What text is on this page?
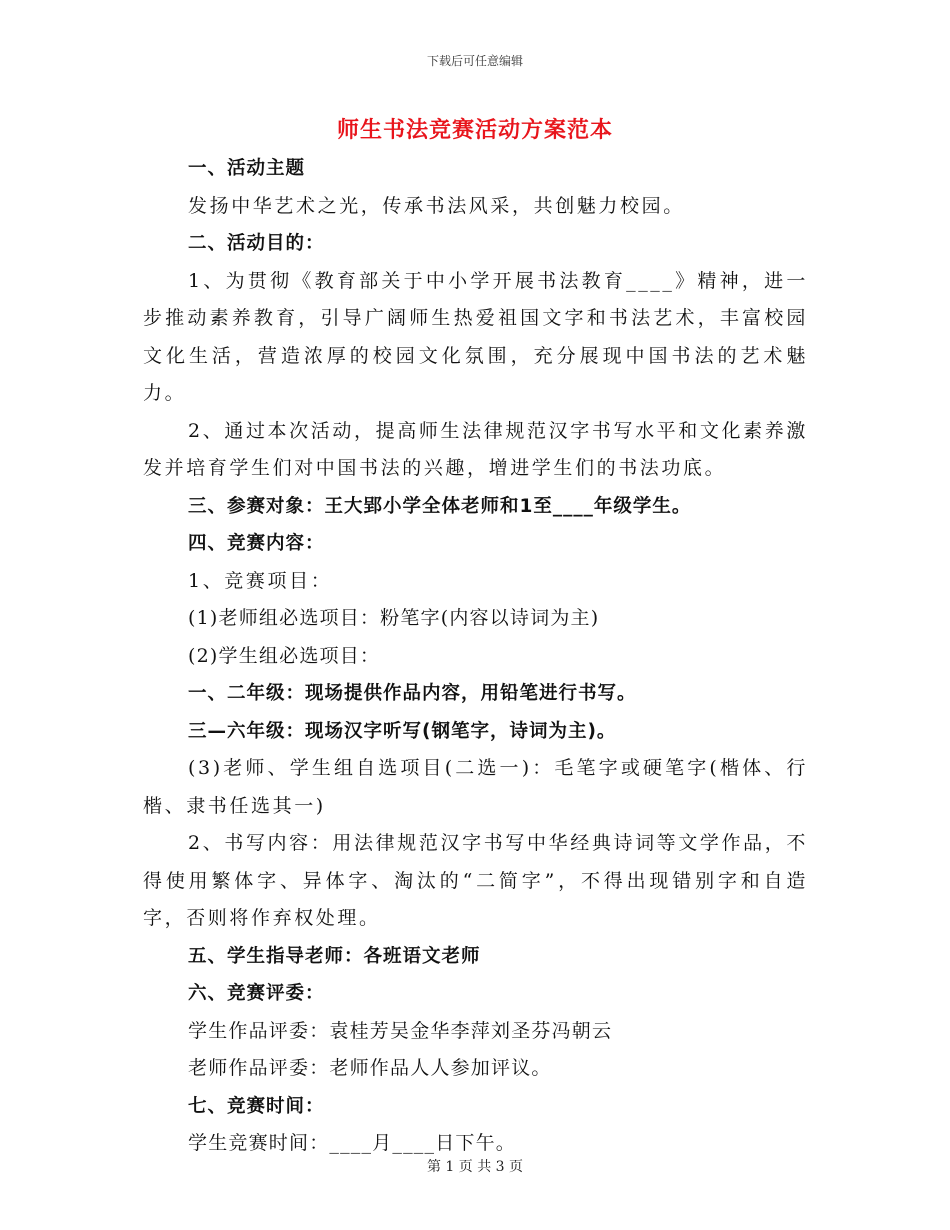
下载后可任意编辑
师生书法竞赛活动方案范本

一、活动主题

发扬中华艺术之光，传承书法风采，共创魅力校园。

二、活动目的：

1、为贯彻《教育部关于中小学开展书法教育____》精神，进一步推动素养教育，引导广阔师生热爱祖国文字和书法艺术，丰富校园文化生活，营造浓厚的校园文化氛围，充分展现中国书法的艺术魅力。

2、通过本次活动，提高师生法律规范汉字书写水平和文化素养激发并培育学生们对中国书法的兴趣，增进学生们的书法功底。

三、参赛对象：王大郢小学全体老师和1至____年级学生。

四、竞赛内容：

1、竞赛项目：

(1)老师组必选项目：粉笔字(内容以诗词为主)

(2)学生组必选项目：

一、二年级：现场提供作品内容，用铅笔进行书写。

三—六年级：现场汉字听写(钢笔字，诗词为主)。

(3)老师、学生组自选项目(二选一)：毛笔字或硬笔字(楷体、行楷、隶书任选其一)

2、书写内容：用法律规范汉字书写中华经典诗词等文学作品，不得使用繁体字、异体字、淘汰的“二简字”，不得出现错别字和自造字，否则将作弃权处理。

五、学生指导老师：各班语文老师

六、竞赛评委：

学生作品评委：袁桂芳吴金华李萍刘圣芬冯朝云

老师作品评委：老师作品人人参加评议。

七、竞赛时间：

学生竞赛时间：____月____日下午。

第 1 页 共 3 页
